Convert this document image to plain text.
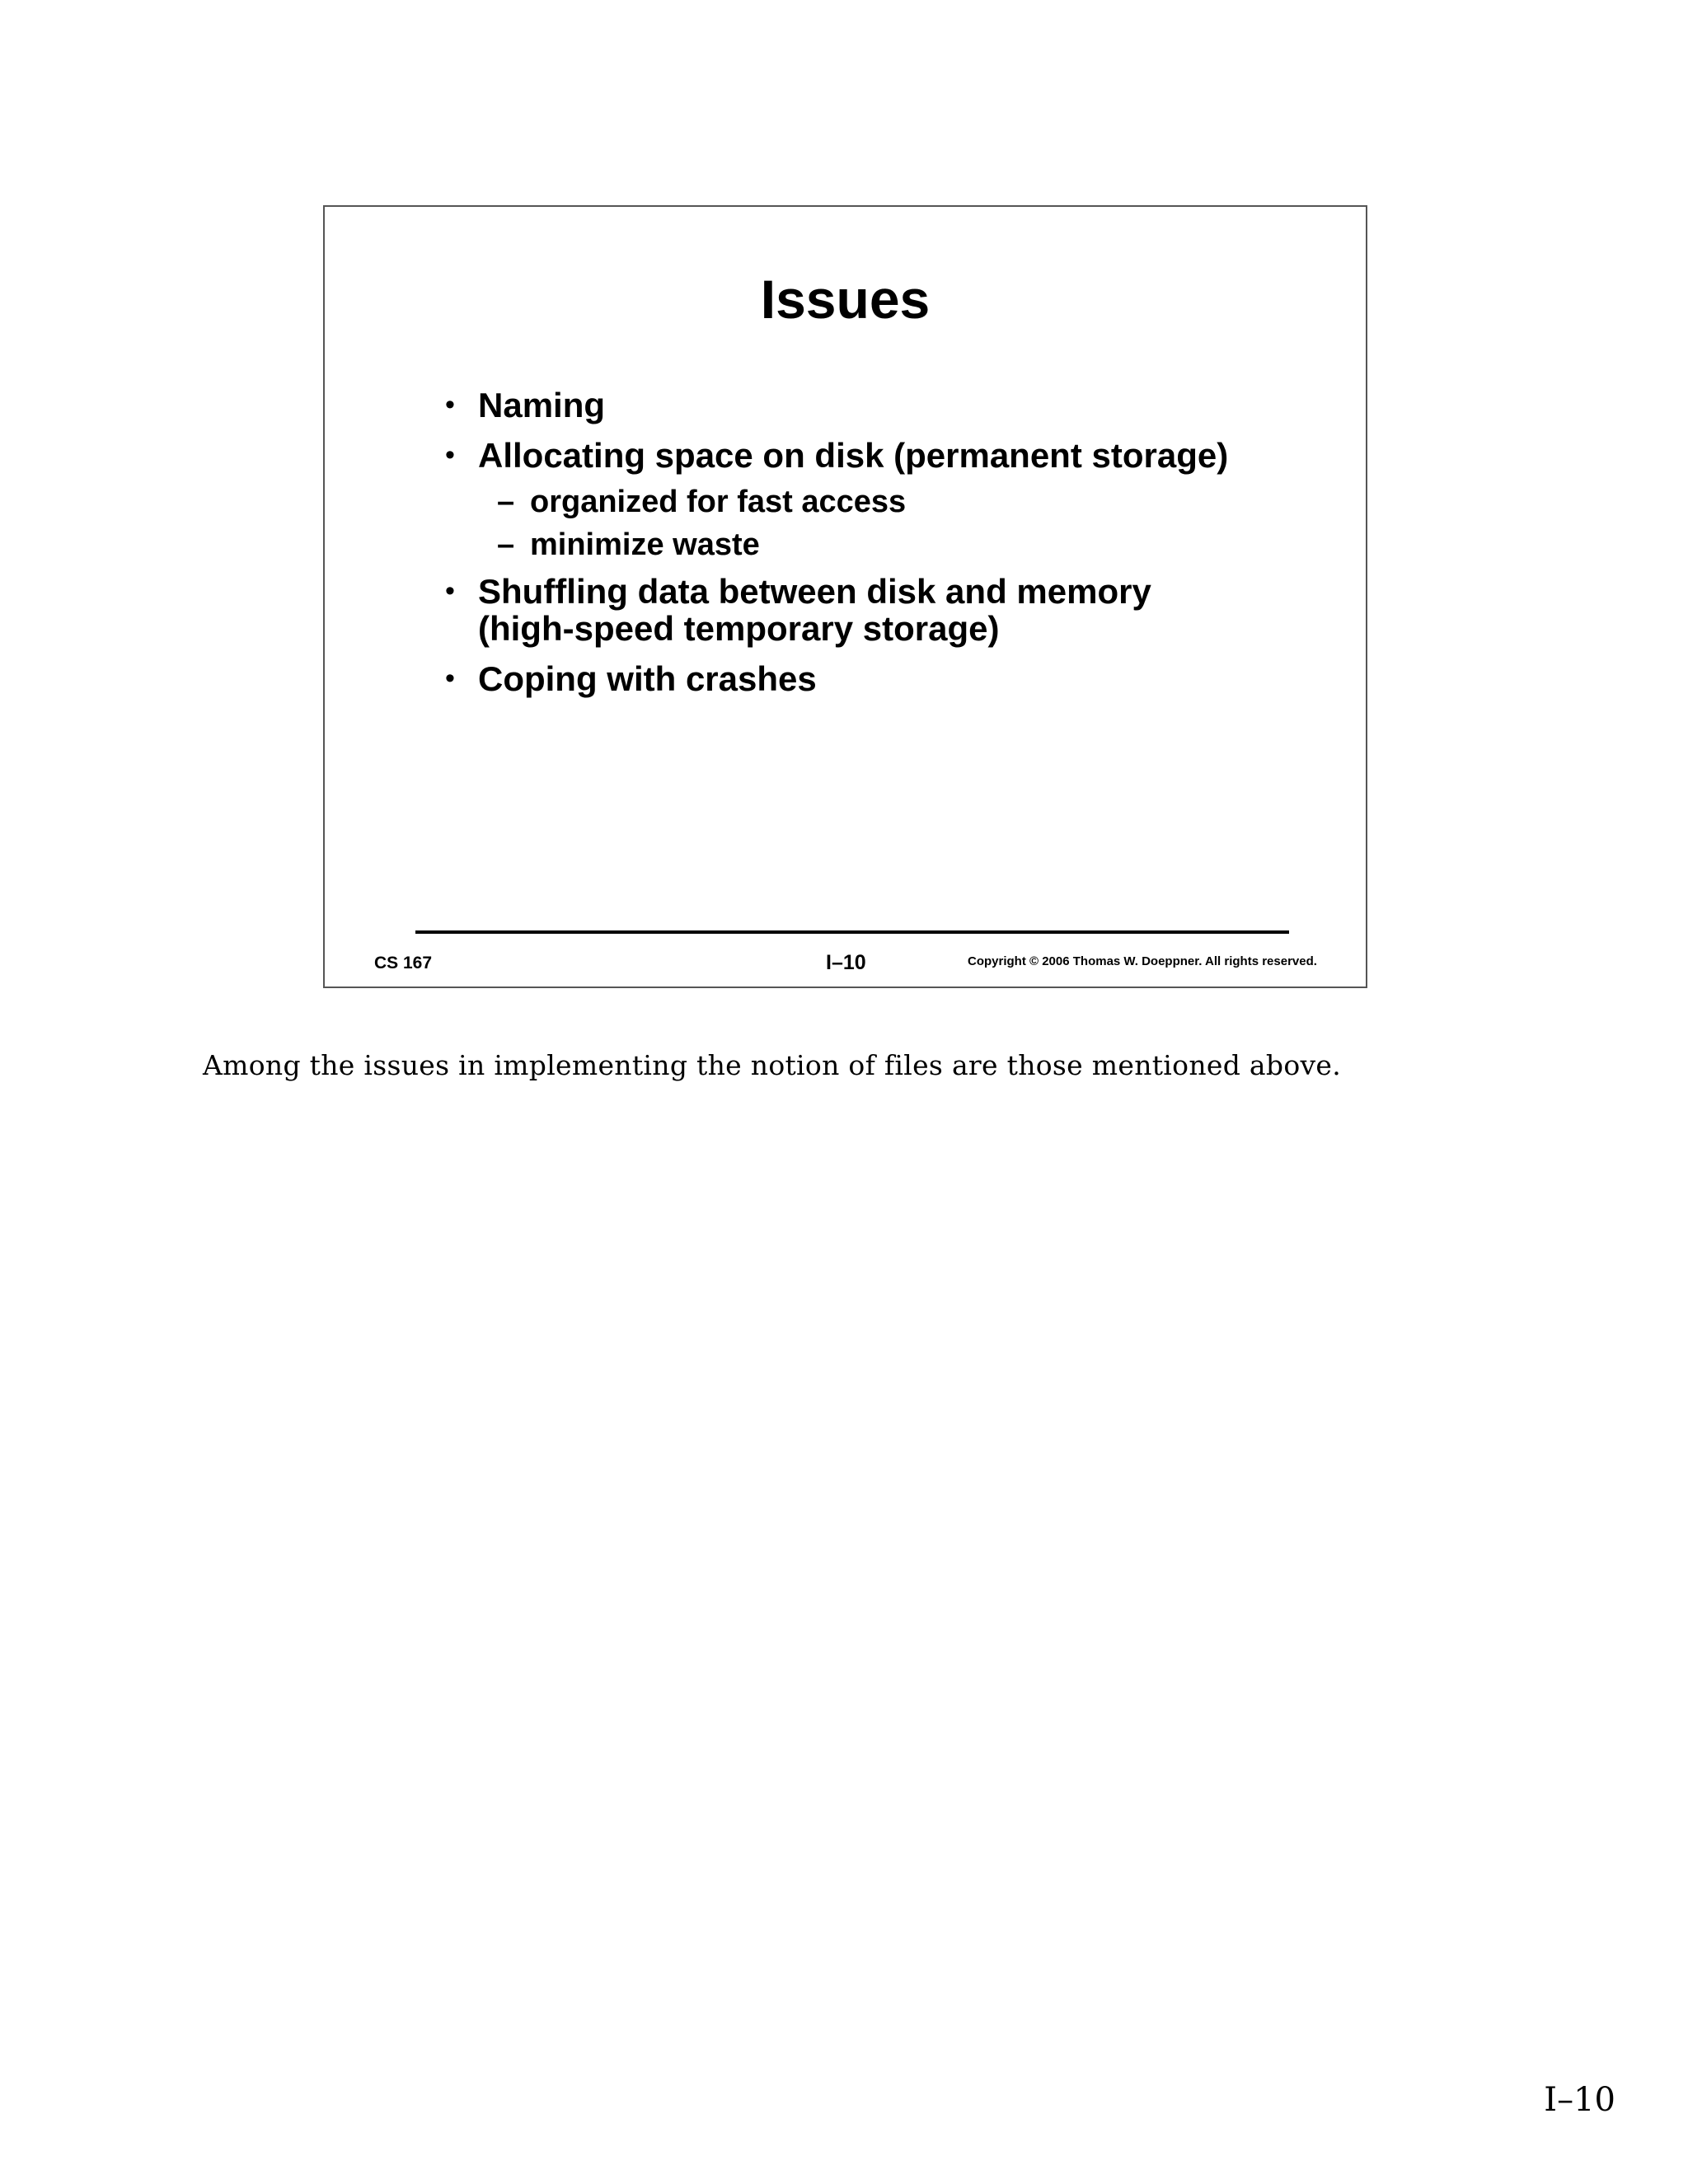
Issues
• Naming
• Allocating space on disk (permanent storage)
– organized for fast access
– minimize waste
• Shuffling data between disk and memory
(high-speed temporary storage)
• Coping with crashes
CS 167	I–10	Copyright © 2006 Thomas W. Doeppner. All rights reserved.

Among the issues in implementing the notion of files are those mentioned above.

I–10
